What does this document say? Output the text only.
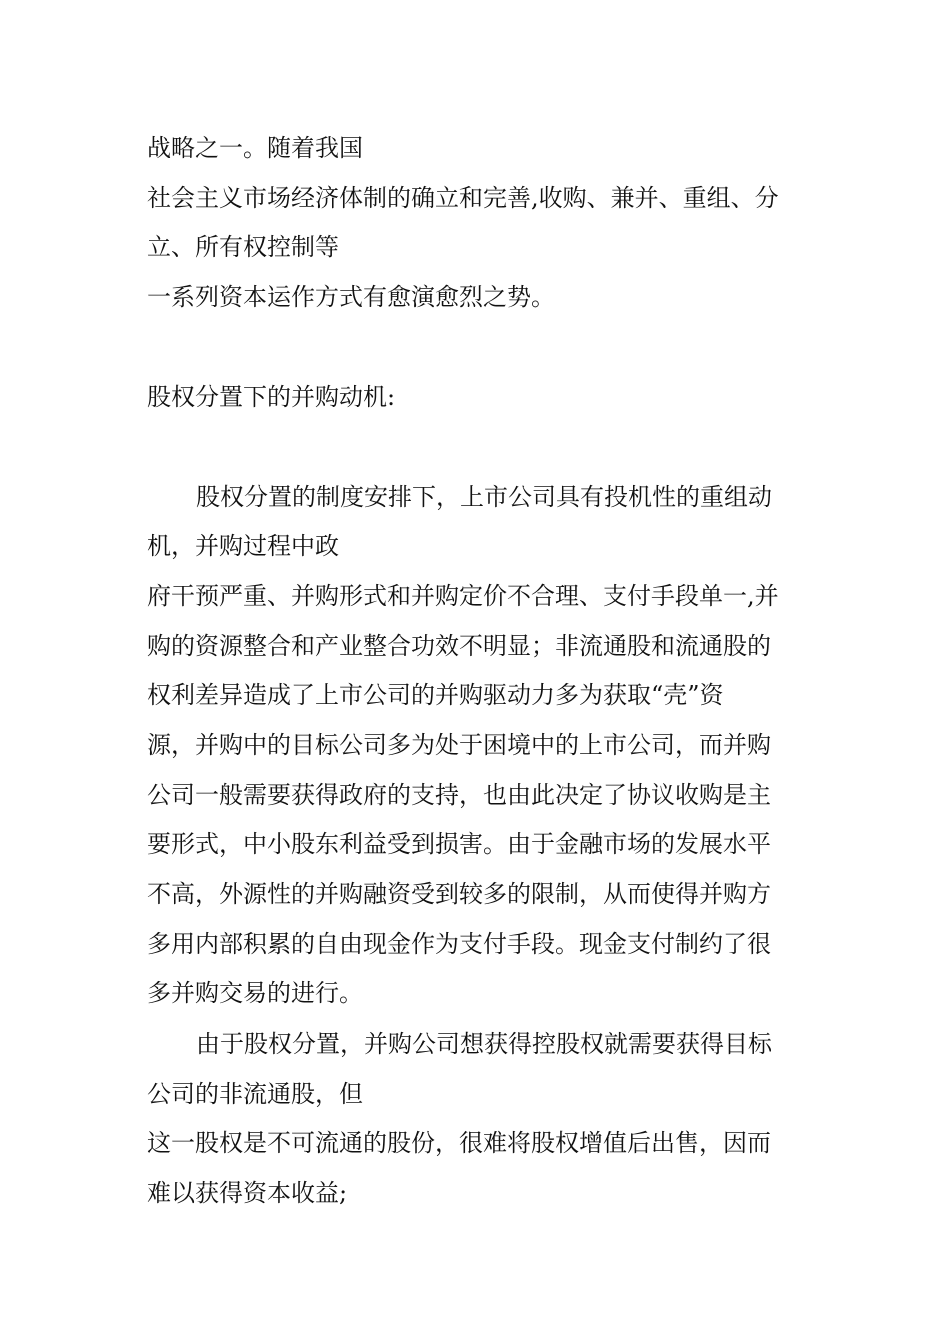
战略之一。随着我国
社会主义市场经济体制的确立和完善,收购、兼并、重组、分
立、所有权控制等
一系列资本运作方式有愈演愈烈之势。
股权分置下的并购动机:
股权分置的制度安排下，上市公司具有投机性的重组动
机，并购过程中政
府干预严重、并购形式和并购定价不合理、支付手段单一,并
购的资源整合和产业整合功效不明显；非流通股和流通股的
权利差异造成了上市公司的并购驱动力多为获取“壳”资
源，并购中的目标公司多为处于困境中的上市公司，而并购
公司一般需要获得政府的支持，也由此决定了协议收购是主
要形式，中小股东利益受到损害。由于金融市场的发展水平
不高，外源性的并购融资受到较多的限制，从而使得并购方
多用内部积累的自由现金作为支付手段。现金支付制约了很
多并购交易的进行。
由于股权分置，并购公司想获得控股权就需要获得目标
公司的非流通股，但
这一股权是不可流通的股份，很难将股权增值后出售，因而
难以获得资本收益;
